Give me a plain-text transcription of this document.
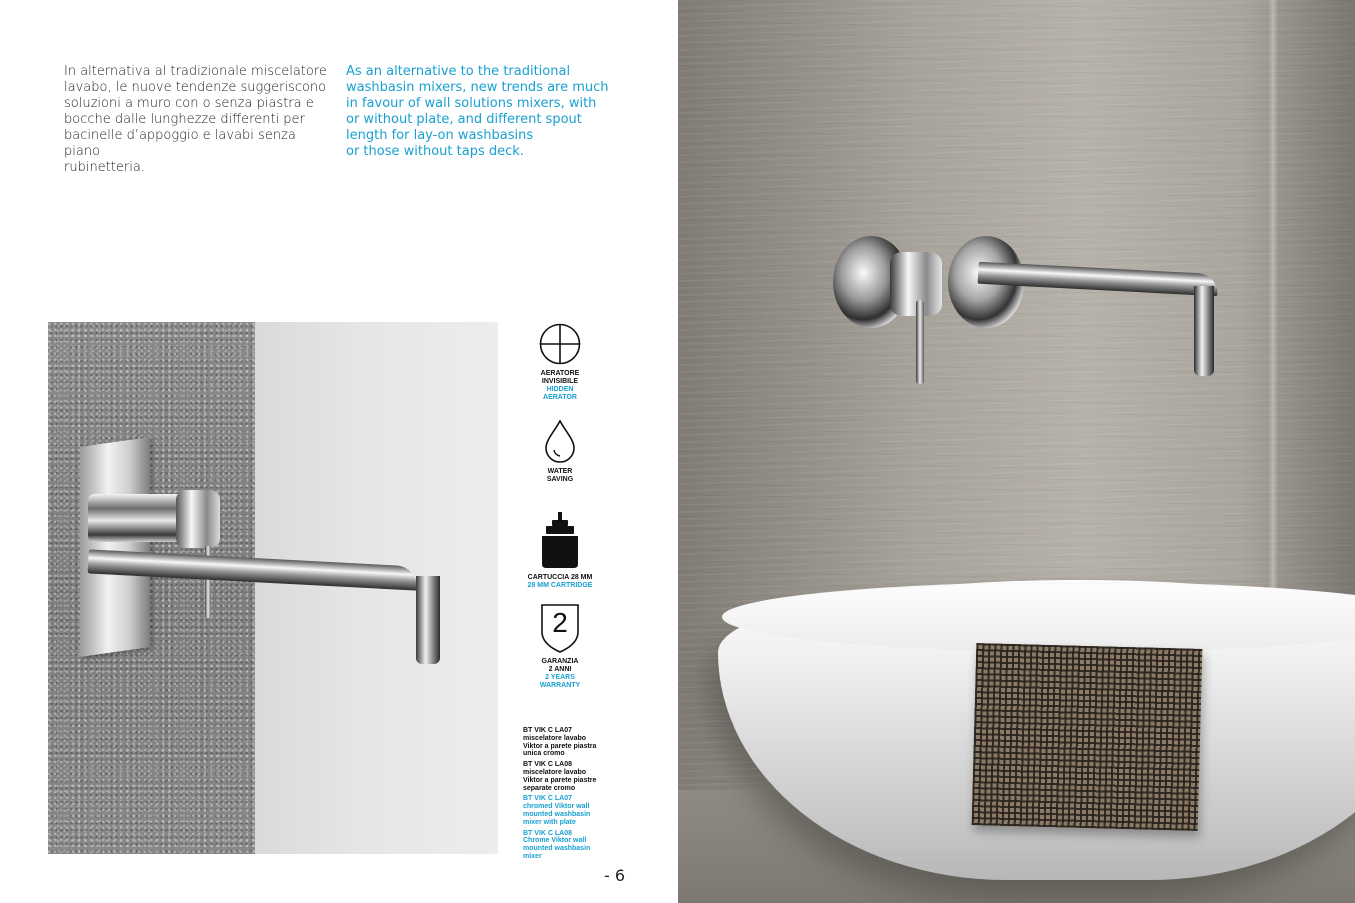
In alternativa al tradizionale miscelatore
lavabo, le nuove tendenze suggeriscono
soluzioni a muro con o senza piastra e
bocche dalle lunghezze differenti per
bacinelle d’appoggio e lavabi senza piano
rubinetteria.

As an alternative to the traditional
washbasin mixers, new trends are much
in favour of wall solutions mixers, with
or without plate, and different spout
length for lay-on washbasins
or those without taps deck.

AERATORE
INVISIBILE
HIDDEN
AERATOR
WATER
SAVING
CARTUCCIA 28 MM
28 MM CARTRIDGE
2
GARANZIA
2 ANNI
2 YEARS
WARRANTY
BT VIK C LA07
miscelatore lavabo
Viktor a parete piastra
unica cromo
BT VIK C LA08
miscelatore lavabo
Viktor a parete piastre
separate cromo
BT VIK C LA07
chromed Viktor wall
mounted washbasin
mixer with plate
BT VIK C LA08
Chrome Viktor wall
mounted washbasin
mixer
- 6
